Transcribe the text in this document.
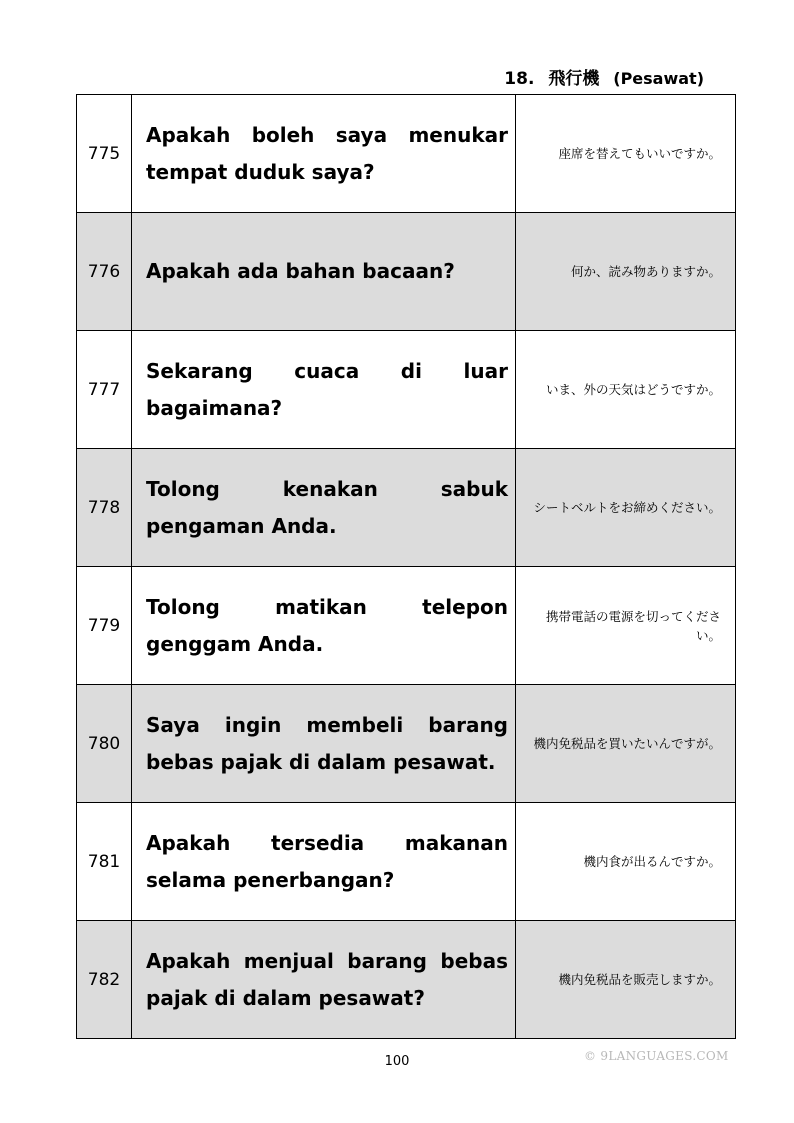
18. 飛行機 (Pesawat)
775	Apakah boleh saya menukar tempat duduk saya?	座席を替えてもいいですか。
776	Apakah ada bahan bacaan?	何か、読み物ありますか。
777	Sekarang cuaca di luar bagaimana?	いま、外の天気はどうですか。
778	Tolong kenakan sabuk pengaman Anda.	シートベルトをお締めください。
779	Tolong matikan telepon genggam Anda.	携帯電話の電源を切ってください。
780	Saya ingin membeli barang bebas pajak di dalam pesawat.	機内免税品を買いたいんですが。
781	Apakah tersedia makanan selama penerbangan?	機内食が出るんですか。
782	Apakah menjual barang bebas pajak di dalam pesawat?	機内免税品を販売しますか。
100	© 9LANGUAGES.COM
